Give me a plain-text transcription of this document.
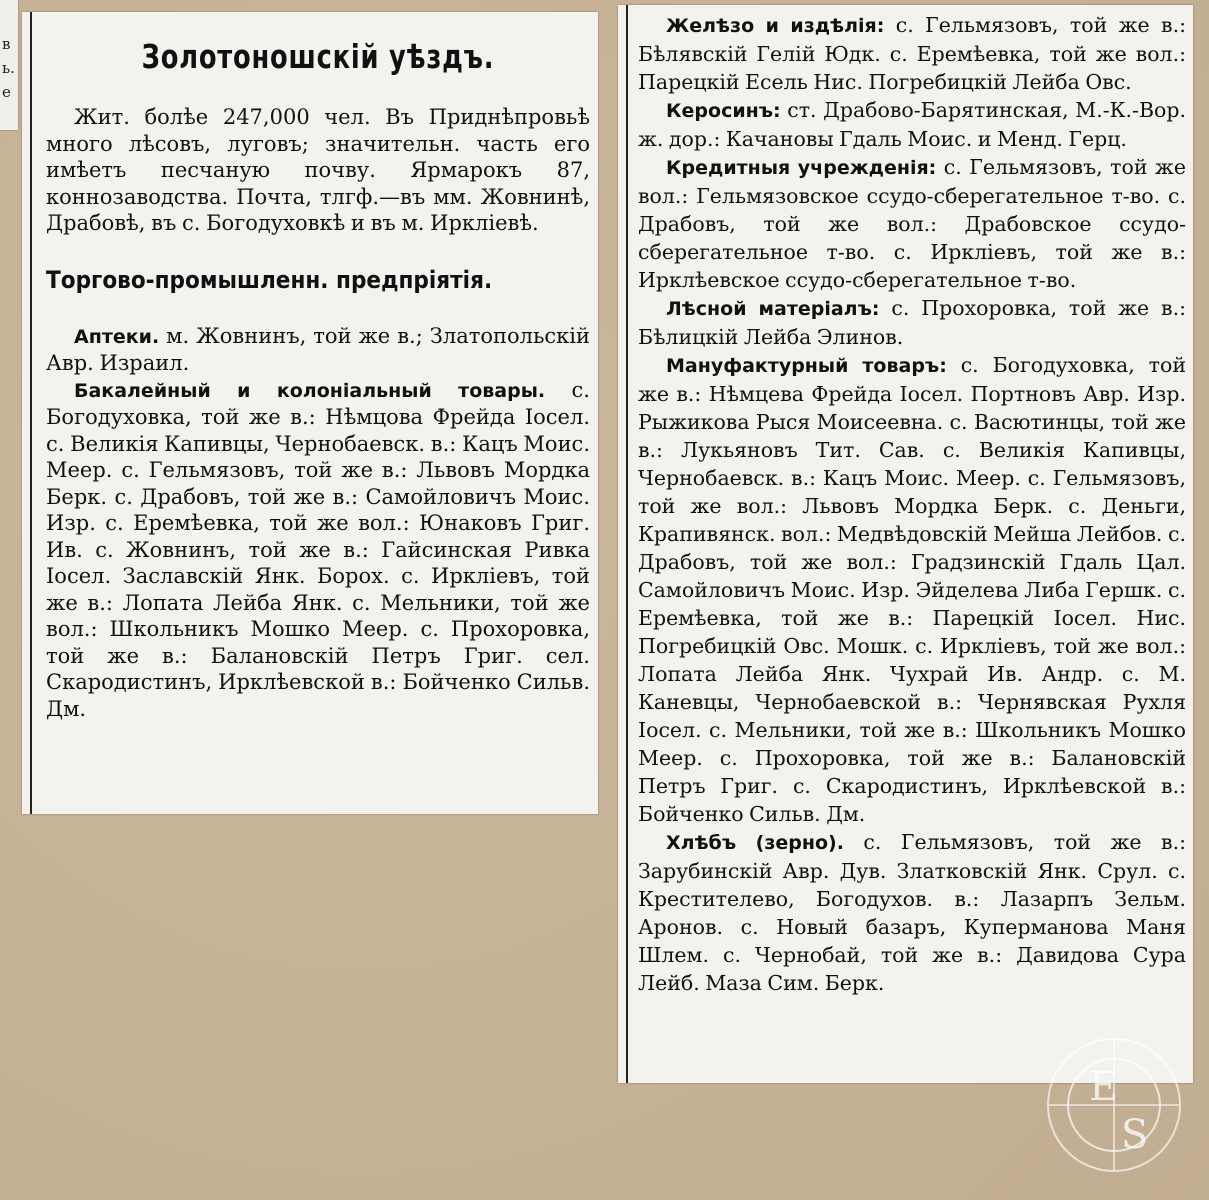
в
ь.
е
Золотоношскій уѣздъ.

Жит. болѣе 247,000 чел. Въ Приднѣпровьѣ много лѣсовъ, луговъ; значительн. часть его имѣетъ песчаную почву. Ярмарокъ 87, коннозаводства. Почта, тлгф.—въ мм. Жовнинѣ, Драбовѣ, въ с. Богодуховкѣ и въ м. Иркліевѣ.

Торгово-промышленн. предпріятія.

Аптеки. м. Жовнинъ, той же в.; Златопольскій Авр. Израил.

Бакалейный и колоніальный товары. с. Богодуховка, той же в.: Нѣмцова Фрейда Іосел. с. Великія Капивцы, Чернобаевск. в.: Кацъ Моис. Меер. с. Гельмязовъ, той же в.: Львовъ Мордка Берк. с. Драбовъ, той же в.: Самойловичъ Моис. Изр. с. Еремѣевка, той же вол.: Юнаковъ Григ. Ив. с. Жовнинъ, той же в.: Гайсинская Ривка Іосел. Заславскій Янк. Борох. с. Иркліевъ, той же в.: Лопата Лейба Янк. с. Мельники, той же вол.: Школьникъ Мошко Меер. с. Прохоровка, той же в.: Балановскій Петръ Григ. сел. Скародистинъ, Ирклѣевской в.: Бойченко Сильв. Дм.

Желѣзо и издѣлія: с. Гельмязовъ, той же в.: Бѣлявскій Гелій Юдк. с. Еремѣевка, той же вол.: Парецкій Есель Нис. Погребицкій Лейба Овс.

Керосинъ: ст. Драбово-Барятинская, М.-К.-Вор. ж. дор.: Качановы Гдаль Моис. и Менд. Герц.

Кредитныя учрежденія: с. Гельмязовъ, той же вол.: Гельмязовское ссудо-сберегательное т-во. с. Драбовъ, той же вол.: Драбовское ссудо-сберегательное т-во. с. Иркліевъ, той же в.: Ирклѣевское ссудо-сберегательное т-во.

Лѣсной матеріалъ: с. Прохоровка, той же в.: Бѣлицкій Лейба Элинов.

Мануфактурный товаръ: с. Богодуховка, той же в.: Нѣмцева Фрейда Іосел. Портновъ Авр. Изр. Рыжикова Рыся Моисеевна. с. Васютинцы, той же в.: Лукьяновъ Тит. Сав. с. Великія Капивцы, Чернобаевск. в.: Кацъ Моис. Меер. с. Гельмязовъ, той же вол.: Львовъ Мордка Берк. с. Деньги, Крапивянск. вол.: Медвѣдовскій Мейша Лейбов. с. Драбовъ, той же вол.: Градзинскій Гдаль Цал. Самойловичъ Моис. Изр. Эйделева Либа Гершк. с. Еремѣевка, той же в.: Парецкій Іосел. Нис. Погребицкій Овс. Мошк. с. Иркліевъ, той же вол.: Лопата Лейба Янк. Чухрай Ив. Андр. с. М. Каневцы, Чернобаевской в.: Чернявская Рухля Іосел. с. Мельники, той же в.: Школьникъ Мошко Меер. с. Прохоровка, той же в.: Балановскій Петръ Григ. с. Скародистинъ, Ирклѣевской в.: Бойченко Сильв. Дм.

Хлѣбъ (зерно). с. Гельмязовъ, той же в.: Зарубинскій Авр. Дув. Златковскій Янк. Срул. с. Крестителево, Богодухов. в.: Лазарпъ Зельм. Аронов. с. Новый базаръ, Куперманова Маня Шлем. с. Чернобай, той же в.: Давидова Сура Лейб. Маза Сим. Берк.

E
S
